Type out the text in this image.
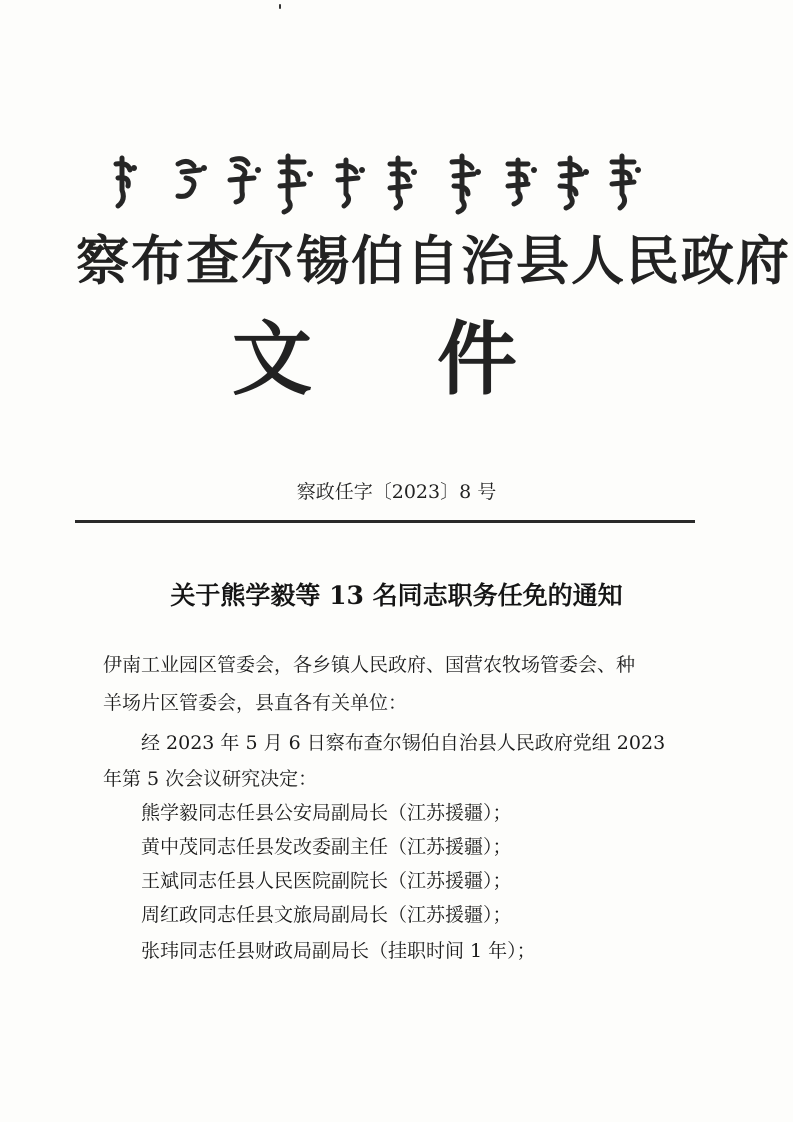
察布查尔锡伯自治县人民政府
文 件
察政任字〔2023〕8 号
关于熊学毅等 13 名同志职务任免的通知
伊南工业园区管委会，各乡镇人民政府、国营农牧场管委会、种
羊场片区管委会，县直各有关单位：
经 2023 年 5 月 6 日察布查尔锡伯自治县人民政府党组 2023
年第 5 次会议研究决定：
熊学毅同志任县公安局副局长（江苏援疆）；
黄中茂同志任县发改委副主任（江苏援疆）；
王斌同志任县人民医院副院长（江苏援疆）；
周红政同志任县文旅局副局长（江苏援疆）；
张玮同志任县财政局副局长（挂职时间 1 年）；
